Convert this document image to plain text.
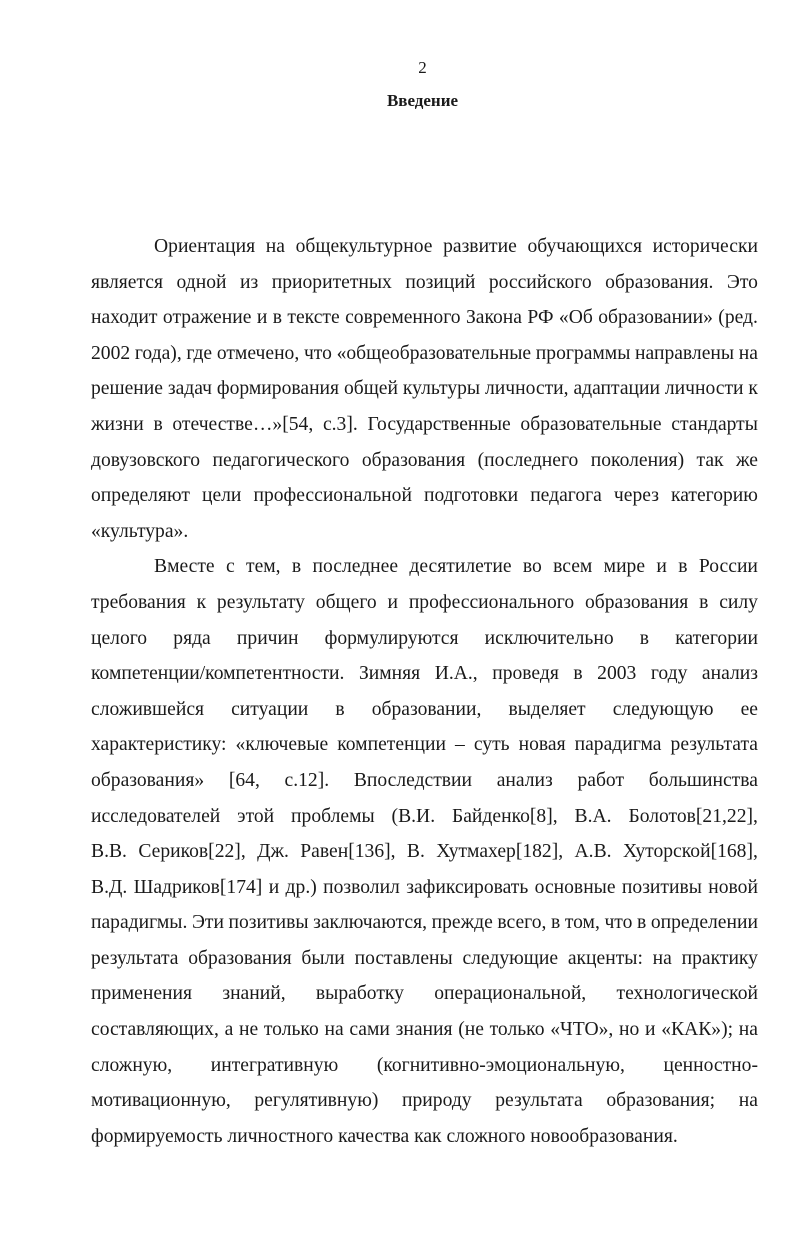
2
Введение
Ориентация на общекультурное развитие обучающихся исторически
является одной из приоритетных позиций российского образования. Это
находит отражение и в тексте современного Закона РФ «Об образовании» (ред.
2002 года), где отмечено, что «общеобразовательные программы направлены на
решение задач формирования общей культуры личности, адаптации личности к
жизни в отечестве…»[54, с.3]. Государственные образовательные стандарты
довузовского педагогического образования (последнего поколения) так же
определяют цели профессиональной подготовки педагога через категорию
«культура».
Вместе с тем, в последнее десятилетие во всем мире и в России
требования к результату общего и профессионального образования в силу
целого ряда причин формулируются исключительно в категории
компетенции/компетентности. Зимняя И.А., проведя в 2003 году анализ
сложившейся ситуации в образовании, выделяет следующую ее
характеристику: «ключевые компетенции – суть новая парадигма результата
образования» [64, с.12]. Впоследствии анализ работ большинства
исследователей этой проблемы (В.И. Байденко[8], В.А. Болотов[21,22],
В.В. Сериков[22], Дж. Равен[136], В. Хутмахер[182], А.В. Хуторской[168],
В.Д. Шадриков[174] и др.) позволил зафиксировать основные позитивы новой
парадигмы. Эти позитивы заключаются, прежде всего, в том, что в определении
результата образования были поставлены следующие акценты: на практику
применения знаний, выработку операциональной, технологической
составляющих, а не только на сами знания (не только «ЧТО», но и «КАК»); на
сложную, интегративную (когнитивно-эмоциональную, ценностно-
мотивационную, регулятивную) природу результата образования; на
формируемость личностного качества как сложного новообразования.
